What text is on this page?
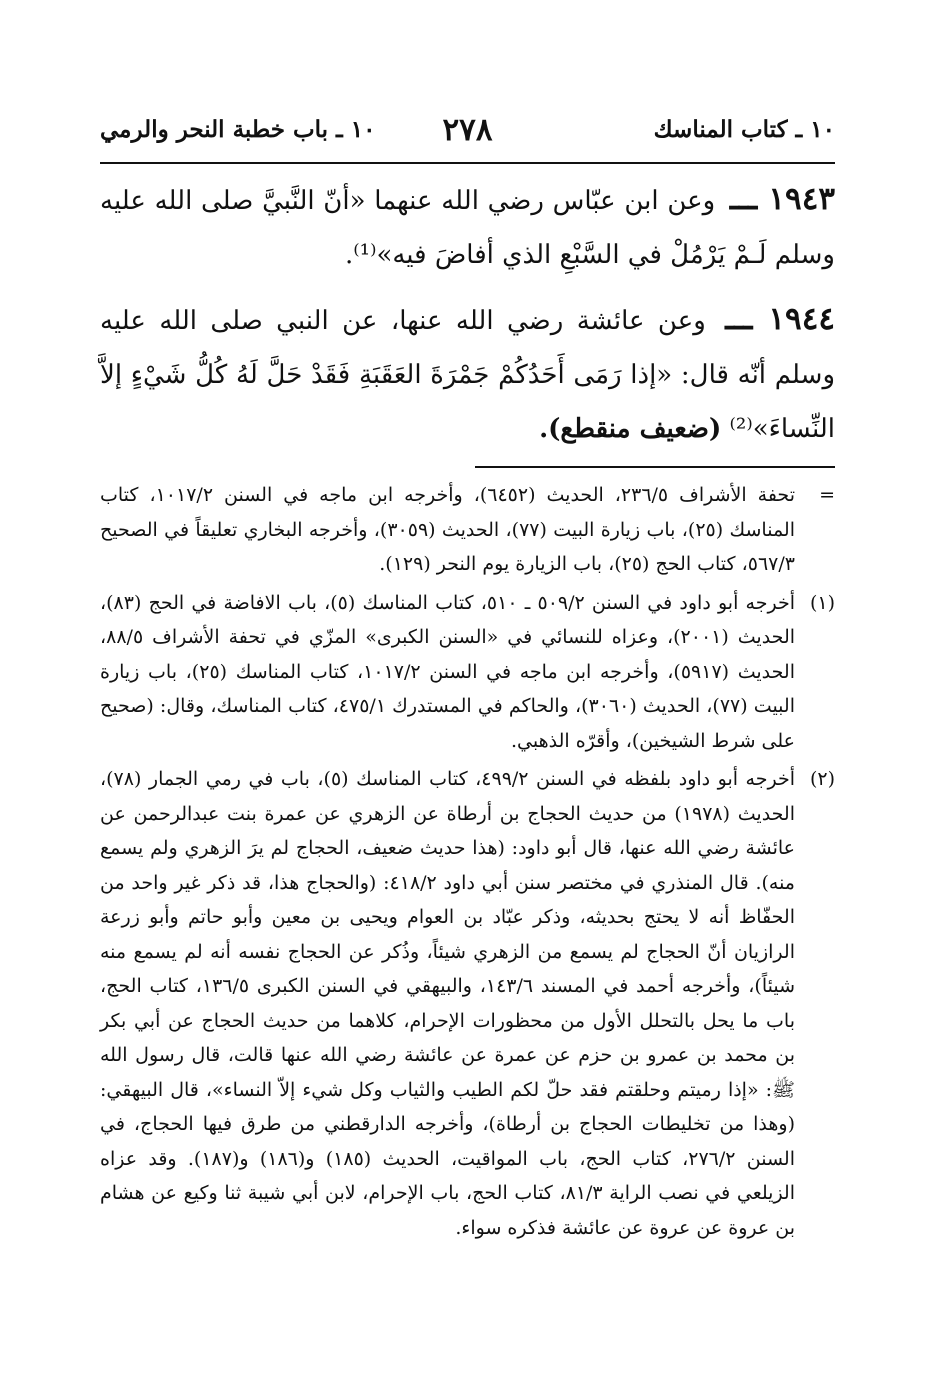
١٠ ـ كتاب المناسك
٢٧٨
١٠ ـ باب خطبة النحر والرمي

١٩٤٣ ـــ وعن ابن عبّاس رضي الله عنهما «أنّ النَّبيَّ صلى الله عليه وسلم لَـمْ يَرْمُلْ في السَّبْعِ الذي أفاضَ فيه»⁽¹⁾.

١٩٤٤ ـــ وعن عائشة رضي الله عنها، عن النبي صلى الله عليه وسلم أنّه قال: «إذا رَمَى أَحَدُكُمْ جَمْرَةَ العَقَبَةِ فَقَدْ حَلَّ لَهُ كُلُّ شَيْءٍ إلاَّ النِّساءَ»⁽²⁾ (ضعيف منقطع).

=
تحفة الأشراف ٢٣٦/٥، الحديث (٦٤٥٢)، وأخرجه ابن ماجه في السنن ١٠١٧/٢، كتاب المناسك (٢٥)، باب زيارة البيت (٧٧)، الحديث (٣٠٥٩)، وأخرجه البخاري تعليقاً في الصحيح ٥٦٧/٣، كتاب الحج (٢٥)، باب الزيارة يوم النحر (١٢٩).

(١)
أخرجه أبو داود في السنن ٥٠٩/٢ ـ ٥١٠، كتاب المناسك (٥)، باب الافاضة في الحج (٨٣)، الحديث (٢٠٠١)، وعزاه للنسائي في «السنن الكبرى» المزّي في تحفة الأشراف ٨٨/٥، الحديث (٥٩١٧)، وأخرجه ابن ماجه في السنن ١٠١٧/٢، كتاب المناسك (٢٥)، باب زيارة البيت (٧٧)، الحديث (٣٠٦٠)، والحاكم في المستدرك ٤٧٥/١، كتاب المناسك، وقال: (صحيح على شرط الشيخين)، وأقرّه الذهبي.

(٢)
أخرجه أبو داود بلفظه في السنن ٤٩٩/٢، كتاب المناسك (٥)، باب في رمي الجمار (٧٨)، الحديث (١٩٧٨) من حديث الحجاج بن أرطاة عن الزهري عن عمرة بنت عبدالرحمن عن عائشة رضي الله عنها، قال أبو داود: (هذا حديث ضعيف، الحجاج لم يرَ الزهري ولم يسمع منه). قال المنذري في مختصر سنن أبي داود ٤١٨/٢: (والحجاج هذا، قد ذكر غير واحد من الحفّاظ أنه لا يحتج بحديثه، وذكر عبّاد بن العوام ويحيى بن معين وأبو حاتم وأبو زرعة الرازيان أنّ الحجاج لم يسمع من الزهري شيئاً، وذُكر عن الحجاج نفسه أنه لم يسمع منه شيئاً)، وأخرجه أحمد في المسند ١٤٣/٦، والبيهقي في السنن الكبرى ١٣٦/٥، كتاب الحج، باب ما يحل بالتحلل الأول من محظورات الإحرام، كلاهما من حديث الحجاج عن أبي بكر بن محمد بن عمرو بن حزم عن عمرة عن عائشة رضي الله عنها قالت، قال رسول الله ﷺ: «إذا رميتم وحلقتم فقد حلّ لكم الطيب والثياب وكل شيء إلاّ النساء»، قال البيهقي: (وهذا من تخليطات الحجاج بن أرطاة)، وأخرجه الدارقطني من طرق فيها الحجاج، في السنن ٢٧٦/٢، كتاب الحج، باب المواقيت، الحديث (١٨٥) و(١٨٦) و(١٨٧). وقد عزاه الزيلعي في نصب الراية ٨١/٣، كتاب الحج، باب الإحرام، لابن أبي شيبة ثنا وكيع عن هشام بن عروة عن عروة عن عائشة فذكره سواء.
